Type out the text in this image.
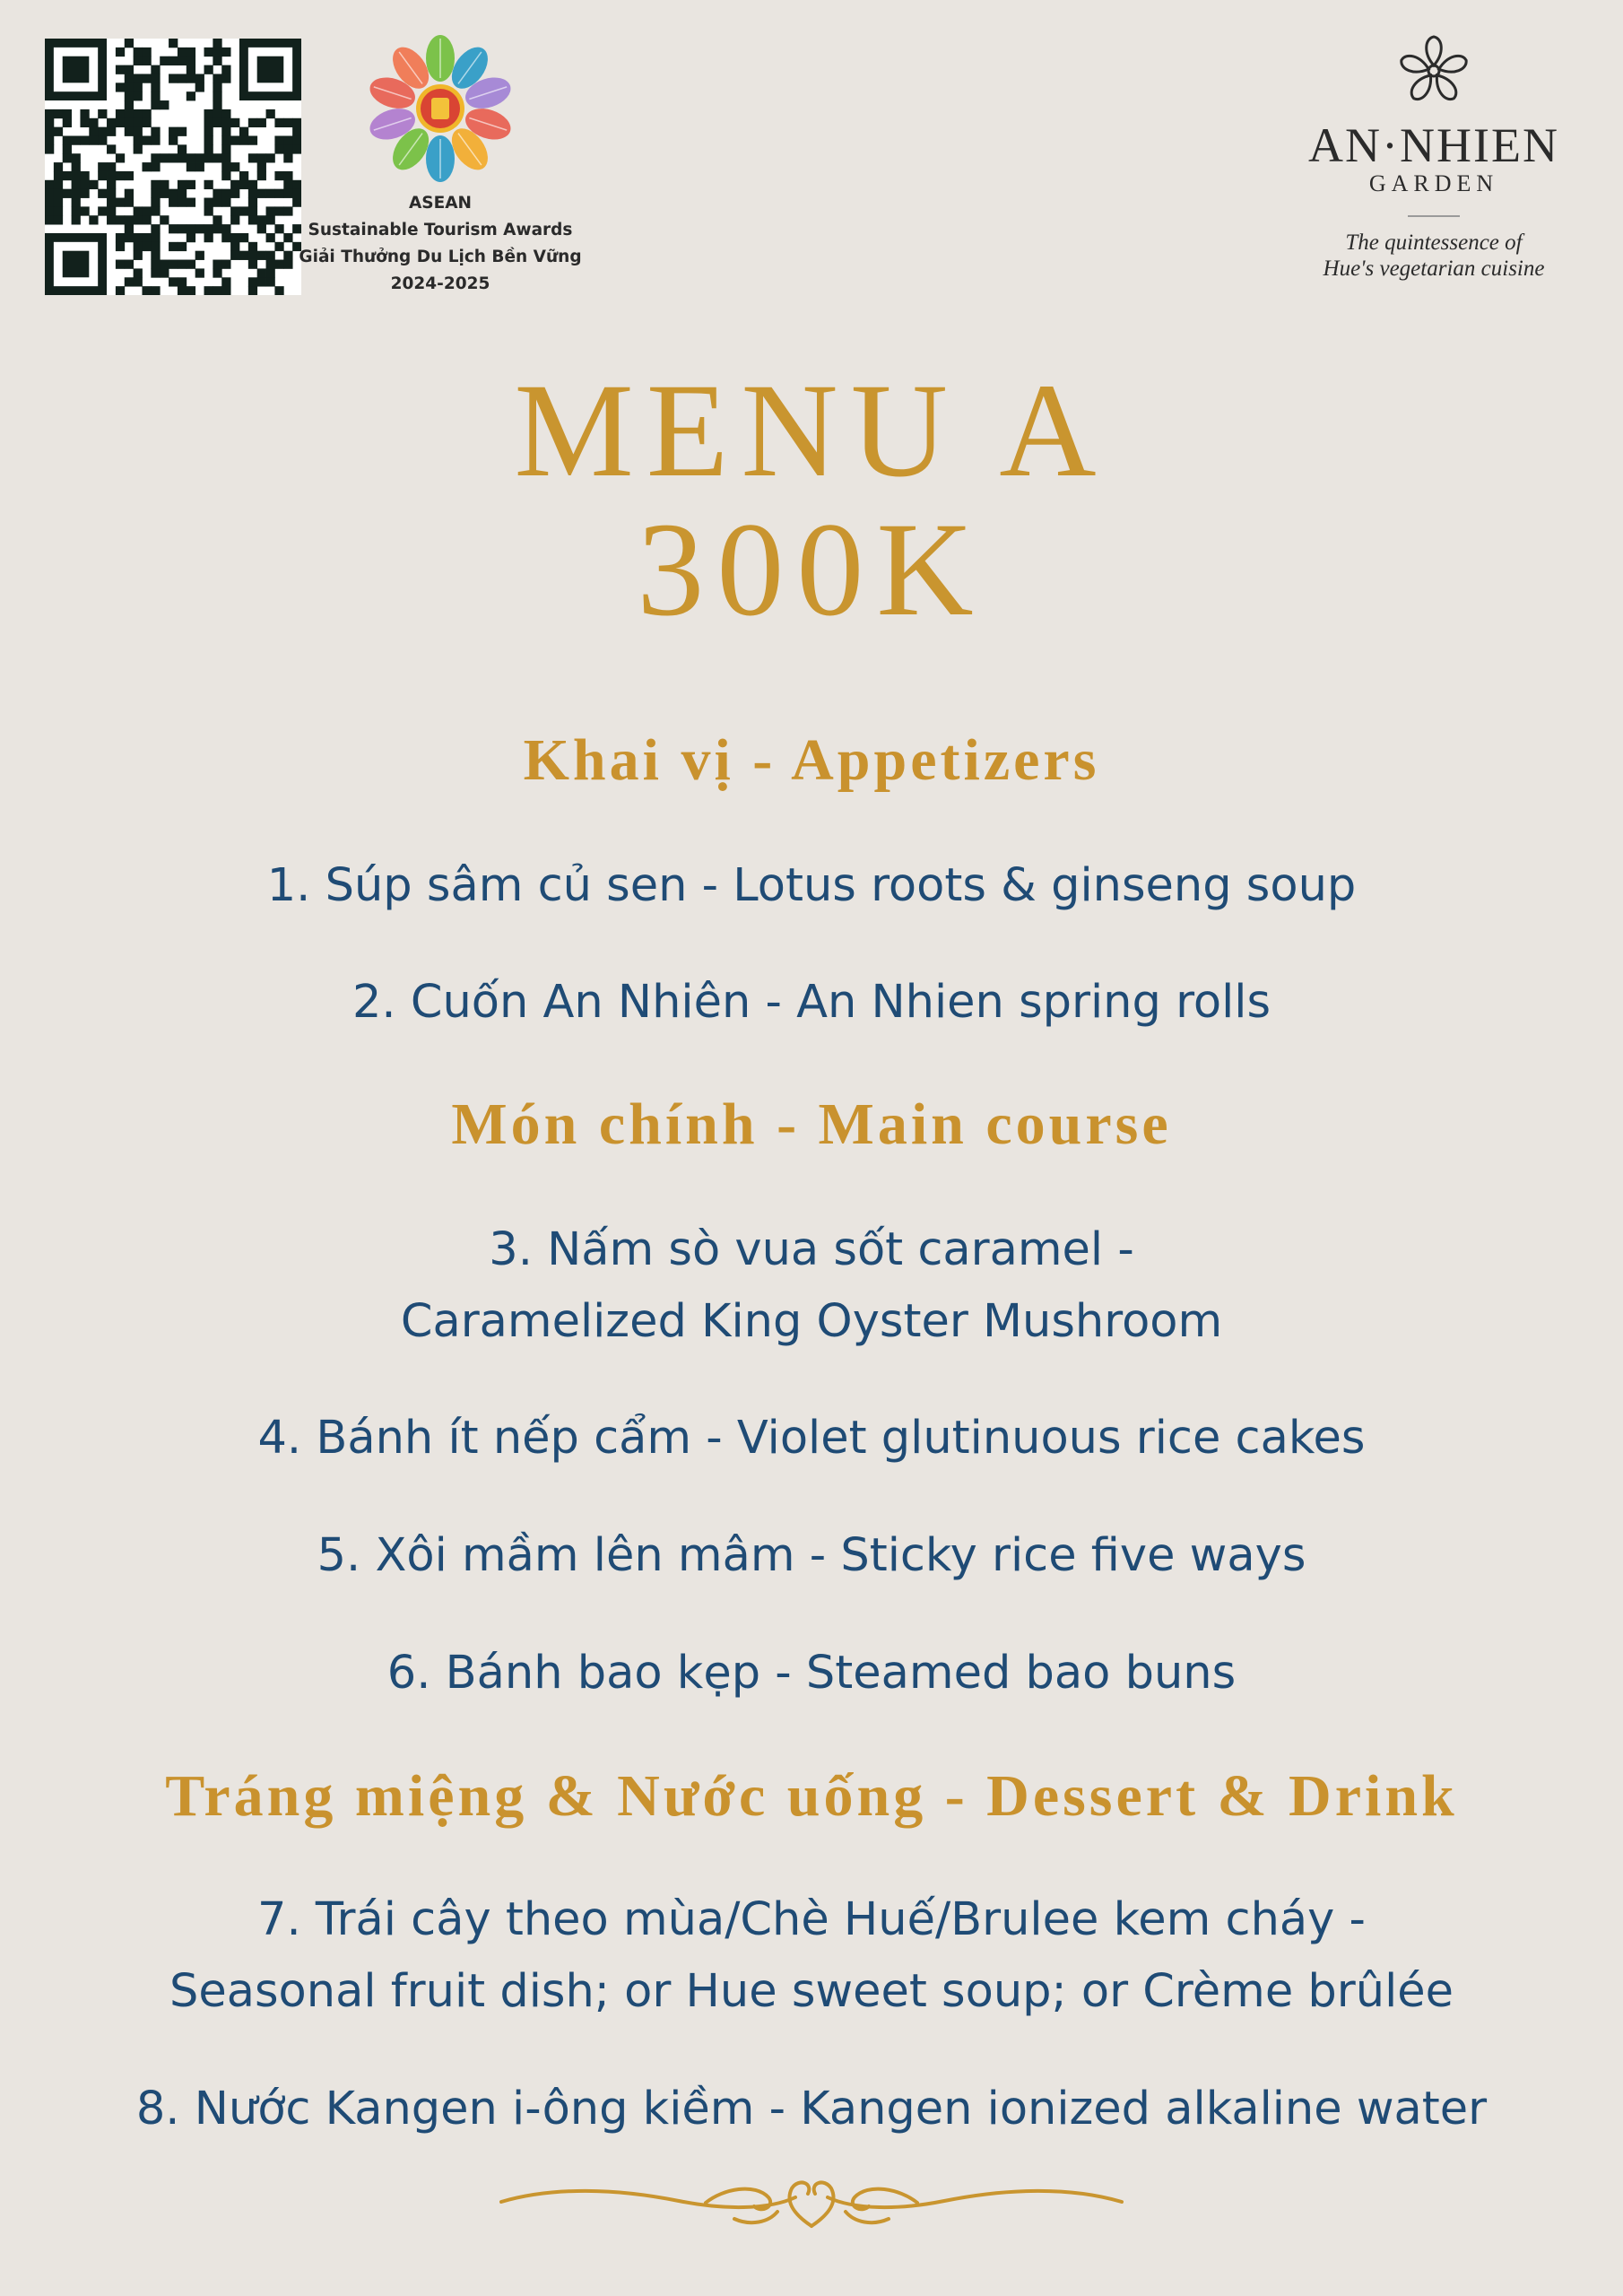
ASEAN
Sustainable Tourism Awards
Giải Thưởng Du Lịch Bền Vững
2024-2025
AN·NHIEN
GARDEN
The quintessence of
Hue's vegetarian cuisine
MENU A
300K
Khai vị - Appetizers
1. Súp sâm củ sen - Lotus roots & ginseng soup
2. Cuốn An Nhiên - An Nhien spring rolls
Món chính - Main course
3. Nấm sò vua sốt caramel -
Caramelized King Oyster Mushroom
4. Bánh ít nếp cẩm - Violet glutinuous rice cakes
5. Xôi mầm lên mâm - Sticky rice five ways
6. Bánh bao kẹp - Steamed bao buns
Tráng miệng & Nước uống - Dessert & Drink
7. Trái cây theo mùa/Chè Huế/Brulee kem cháy -
Seasonal fruit dish; or Hue sweet soup; or Crème brûlée
8. Nước Kangen i-ông kiềm - Kangen ionized alkaline water
